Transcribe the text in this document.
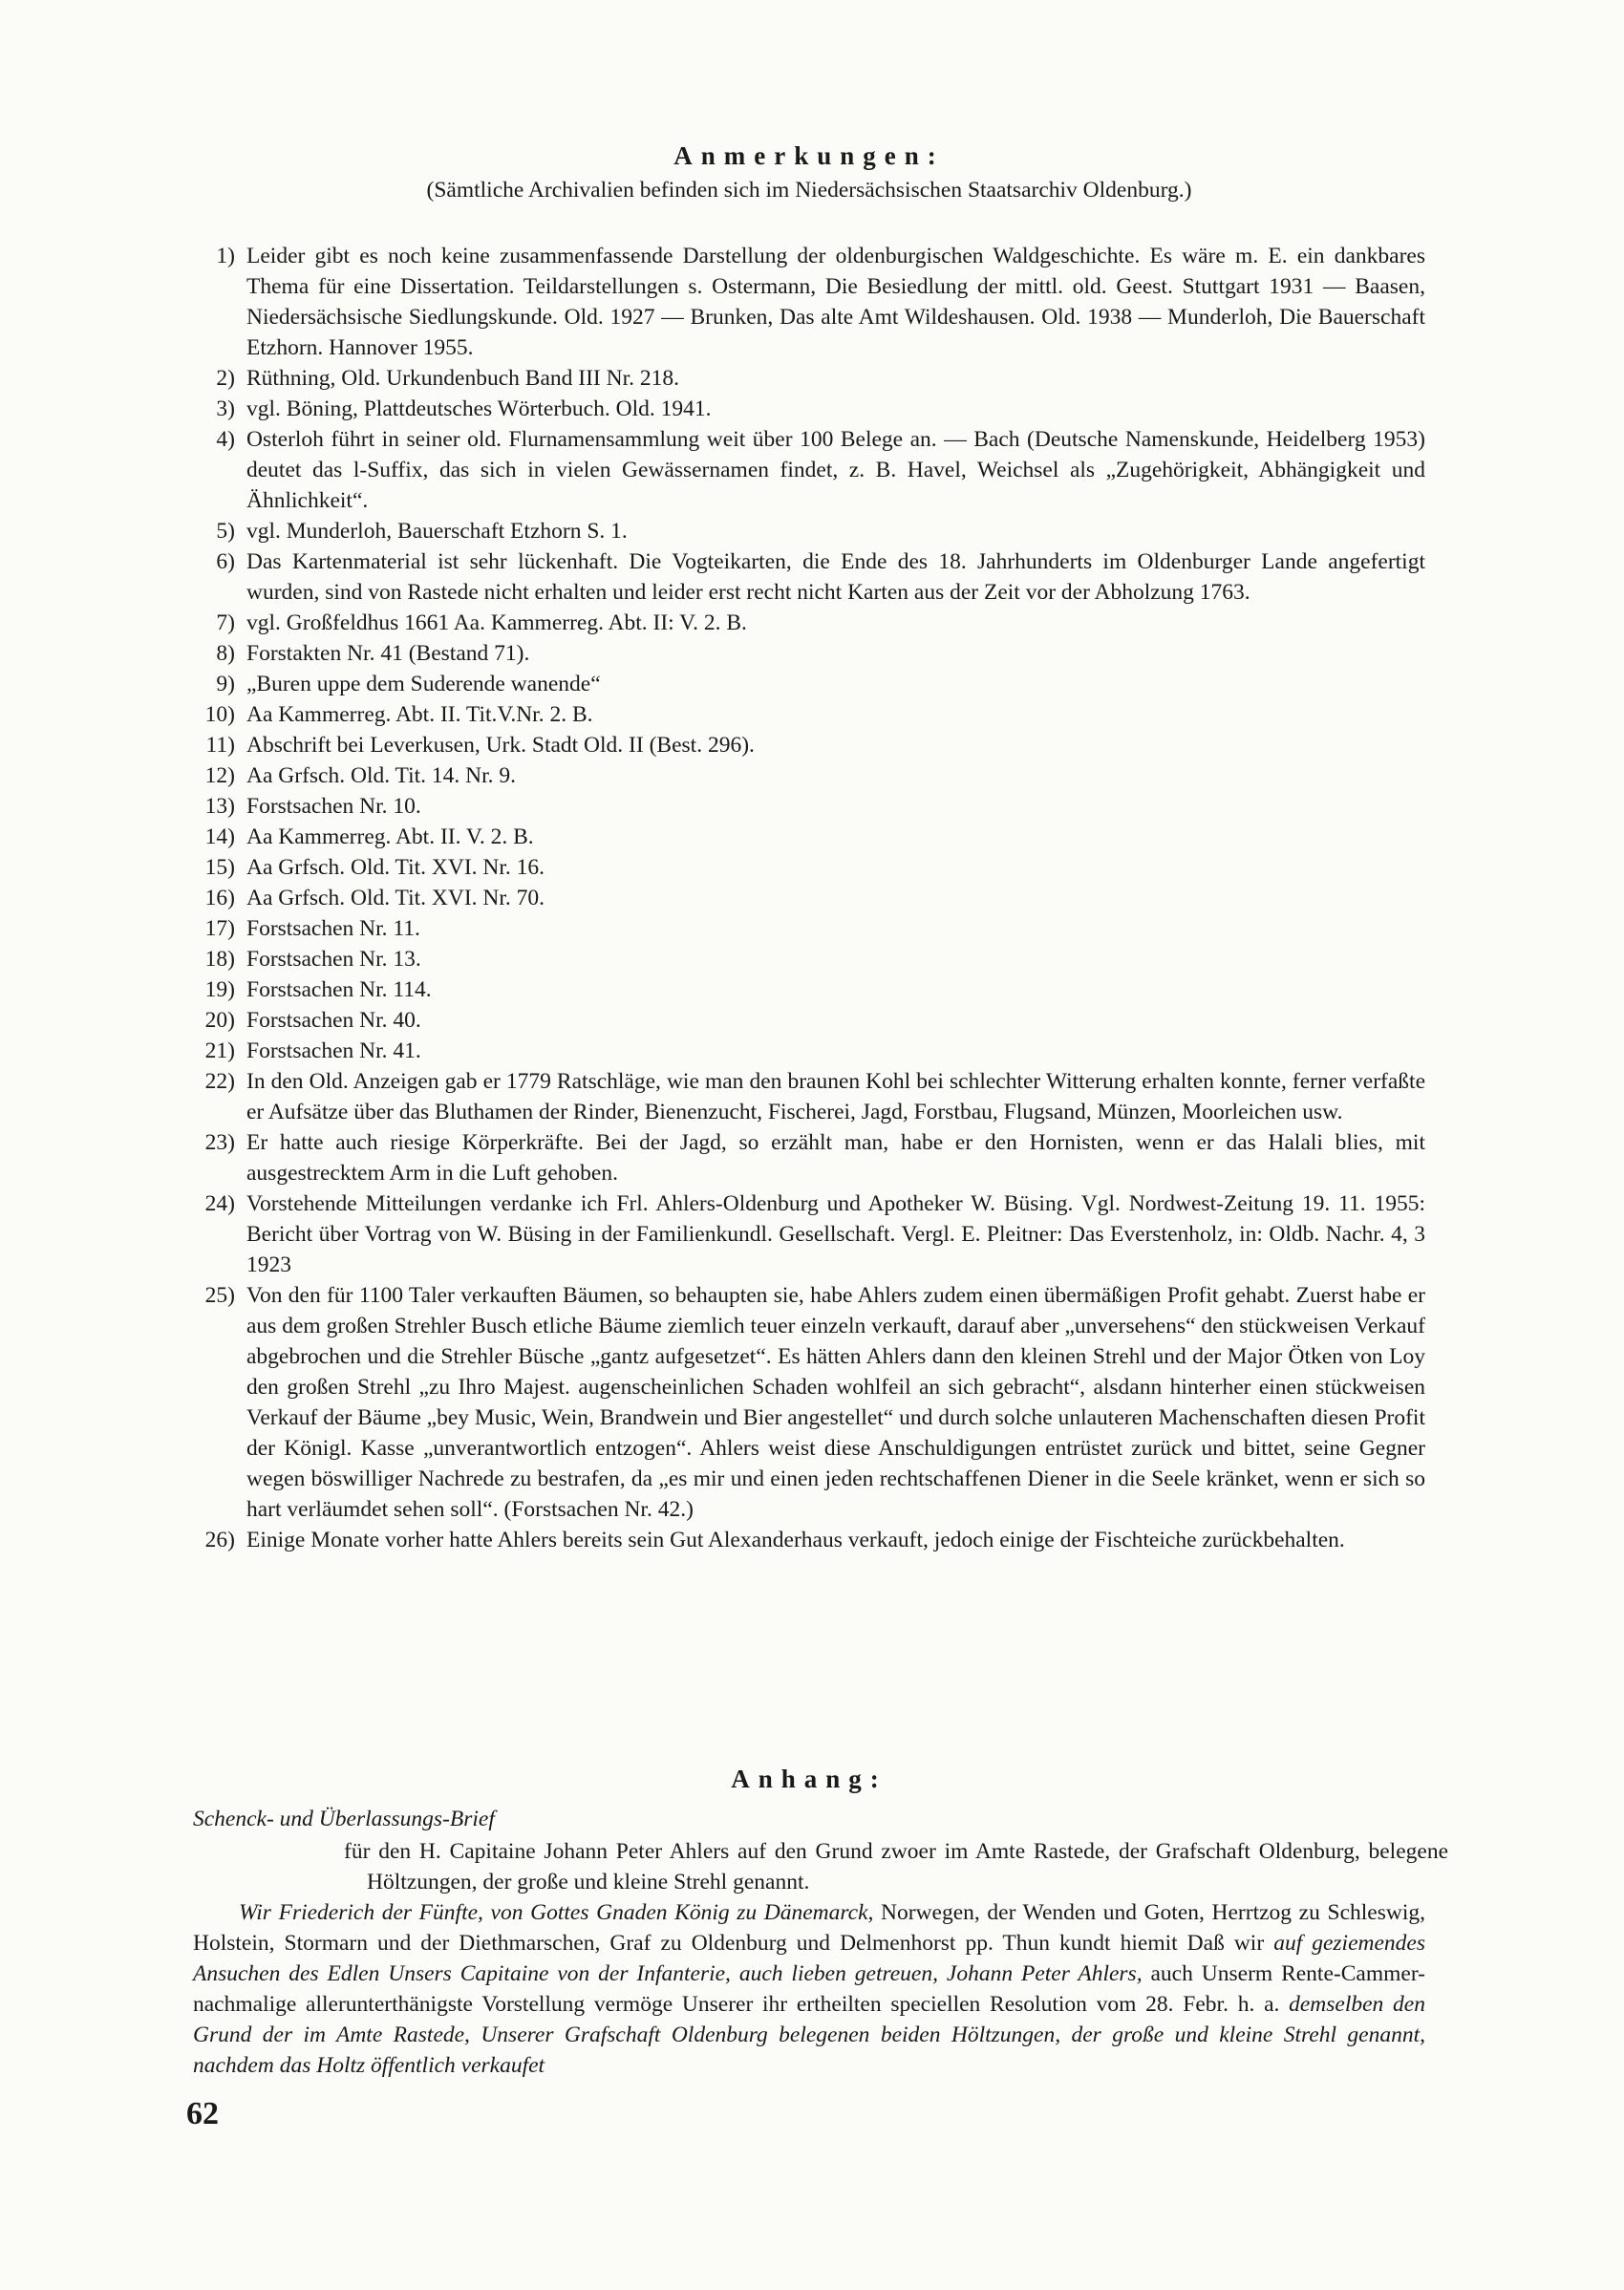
Anmerkungen:
(Sämtliche Archivalien befinden sich im Niedersächsischen Staatsarchiv Oldenburg.)
1) Leider gibt es noch keine zusammenfassende Darstellung der oldenburgischen Waldgeschichte. Es wäre m. E. ein dankbares Thema für eine Dissertation. Teildarstellungen s. Ostermann, Die Besiedlung der mittl. old. Geest. Stuttgart 1931 — Baasen, Niedersächsische Siedlungskunde. Old. 1927 — Brunken, Das alte Amt Wildeshausen. Old. 1938 — Munderloh, Die Bauerschaft Etzhorn. Hannover 1955.
2) Rüthning, Old. Urkundenbuch Band III Nr. 218.
3) vgl. Böning, Plattdeutsches Wörterbuch. Old. 1941.
4) Osterloh führt in seiner old. Flurnamensammlung weit über 100 Belege an. — Bach (Deutsche Namenskunde, Heidelberg 1953) deutet das l-Suffix, das sich in vielen Gewässernamen findet, z. B. Havel, Weichsel als „Zugehörigkeit, Abhängigkeit und Ähnlichkeit“.
5) vgl. Munderloh, Bauerschaft Etzhorn S. 1.
6) Das Kartenmaterial ist sehr lückenhaft. Die Vogteikarten, die Ende des 18. Jahrhunderts im Oldenburger Lande angefertigt wurden, sind von Rastede nicht erhalten und leider erst recht nicht Karten aus der Zeit vor der Abholzung 1763.
7) vgl. Großfeldhus 1661 Aa. Kammerreg. Abt. II: V. 2. B.
8) Forstakten Nr. 41 (Bestand 71).
9) „Buren uppe dem Suderende wanende“
10) Aa Kammerreg. Abt. II. Tit.V.Nr. 2. B.
11) Abschrift bei Leverkusen, Urk. Stadt Old. II (Best. 296).
12) Aa Grfsch. Old. Tit. 14. Nr. 9.
13) Forstsachen Nr. 10.
14) Aa Kammerreg. Abt. II. V. 2. B.
15) Aa Grfsch. Old. Tit. XVI. Nr. 16.
16) Aa Grfsch. Old. Tit. XVI. Nr. 70.
17) Forstsachen Nr. 11.
18) Forstsachen Nr. 13.
19) Forstsachen Nr. 114.
20) Forstsachen Nr. 40.
21) Forstsachen Nr. 41.
22) In den Old. Anzeigen gab er 1779 Ratschläge, wie man den braunen Kohl bei schlechter Witterung erhalten konnte, ferner verfaßte er Aufsätze über das Bluthamen der Rinder, Bienenzucht, Fischerei, Jagd, Forstbau, Flugsand, Münzen, Moorleichen usw.
23) Er hatte auch riesige Körperkräfte. Bei der Jagd, so erzählt man, habe er den Hornisten, wenn er das Halali blies, mit ausgestrecktem Arm in die Luft gehoben.
24) Vorstehende Mitteilungen verdanke ich Frl. Ahlers-Oldenburg und Apotheker W. Büsing. Vgl. Nordwest-Zeitung 19. 11. 1955: Bericht über Vortrag von W. Büsing in der Familienkundl. Gesellschaft. Vergl. E. Pleitner: Das Everstenholz, in: Oldb. Nachr. 4, 3 1923
25) Von den für 1100 Taler verkauften Bäumen, so behaupten sie, habe Ahlers zudem einen übermäßigen Profit gehabt. Zuerst habe er aus dem großen Strehler Busch etliche Bäume ziemlich teuer einzeln verkauft, darauf aber „unversehens“ den stückweisen Verkauf abgebrochen und die Strehler Büsche „gantz aufgesetzet“. Es hätten Ahlers dann den kleinen Strehl und der Major Ötken von Loy den großen Strehl „zu Ihro Majest. augenscheinlichen Schaden wohlfeil an sich gebracht“, alsdann hinterher einen stückweisen Verkauf der Bäume „bey Music, Wein, Brandwein und Bier angestellet“ und durch solche unlauteren Machenschaften diesen Profit der Königl. Kasse „unverantwortlich entzogen“. Ahlers weist diese Anschuldigungen entrüstet zurück und bittet, seine Gegner wegen böswilliger Nachrede zu bestrafen, da „es mir und einen jeden rechtschaffenen Diener in die Seele kränket, wenn er sich so hart verläumdet sehen soll“. (Forstsachen Nr. 42.)
26) Einige Monate vorher hatte Ahlers bereits sein Gut Alexanderhaus verkauft, jedoch einige der Fischteiche zurückbehalten.
Anhang:
Schenck- und Überlassungs-Brief
für den H. Capitaine Johann Peter Ahlers auf den Grund zwoer im Amte Rastede, der Grafschaft Oldenburg, belegene Höltzungen, der große und kleine Strehl genannt.

Wir Friederich der Fünfte, von Gottes Gnaden König zu Dänemarck, Norwegen, der Wenden und Goten, Herrtzog zu Schleswig, Holstein, Stormarn und der Diethmarschen, Graf zu Oldenburg und Delmenhorst pp. Thun kundt hiemit Daß wir auf geziemendes Ansuchen des Edlen Unsers Capitaine von der Infanterie, auch lieben getreuen, Johann Peter Ahlers, auch Unserm Rente-Cammer-nachmalige allerunterthänigste Vorstellung vermöge Unserer ihr ertheilten speciellen Resolution vom 28. Febr. h. a. demselben den Grund der im Amte Rastede, Unserer Grafschaft Oldenburg belegenen beiden Höltzungen, der große und kleine Strehl genannt, nachdem das Holtz öffentlich verkaufet

62
